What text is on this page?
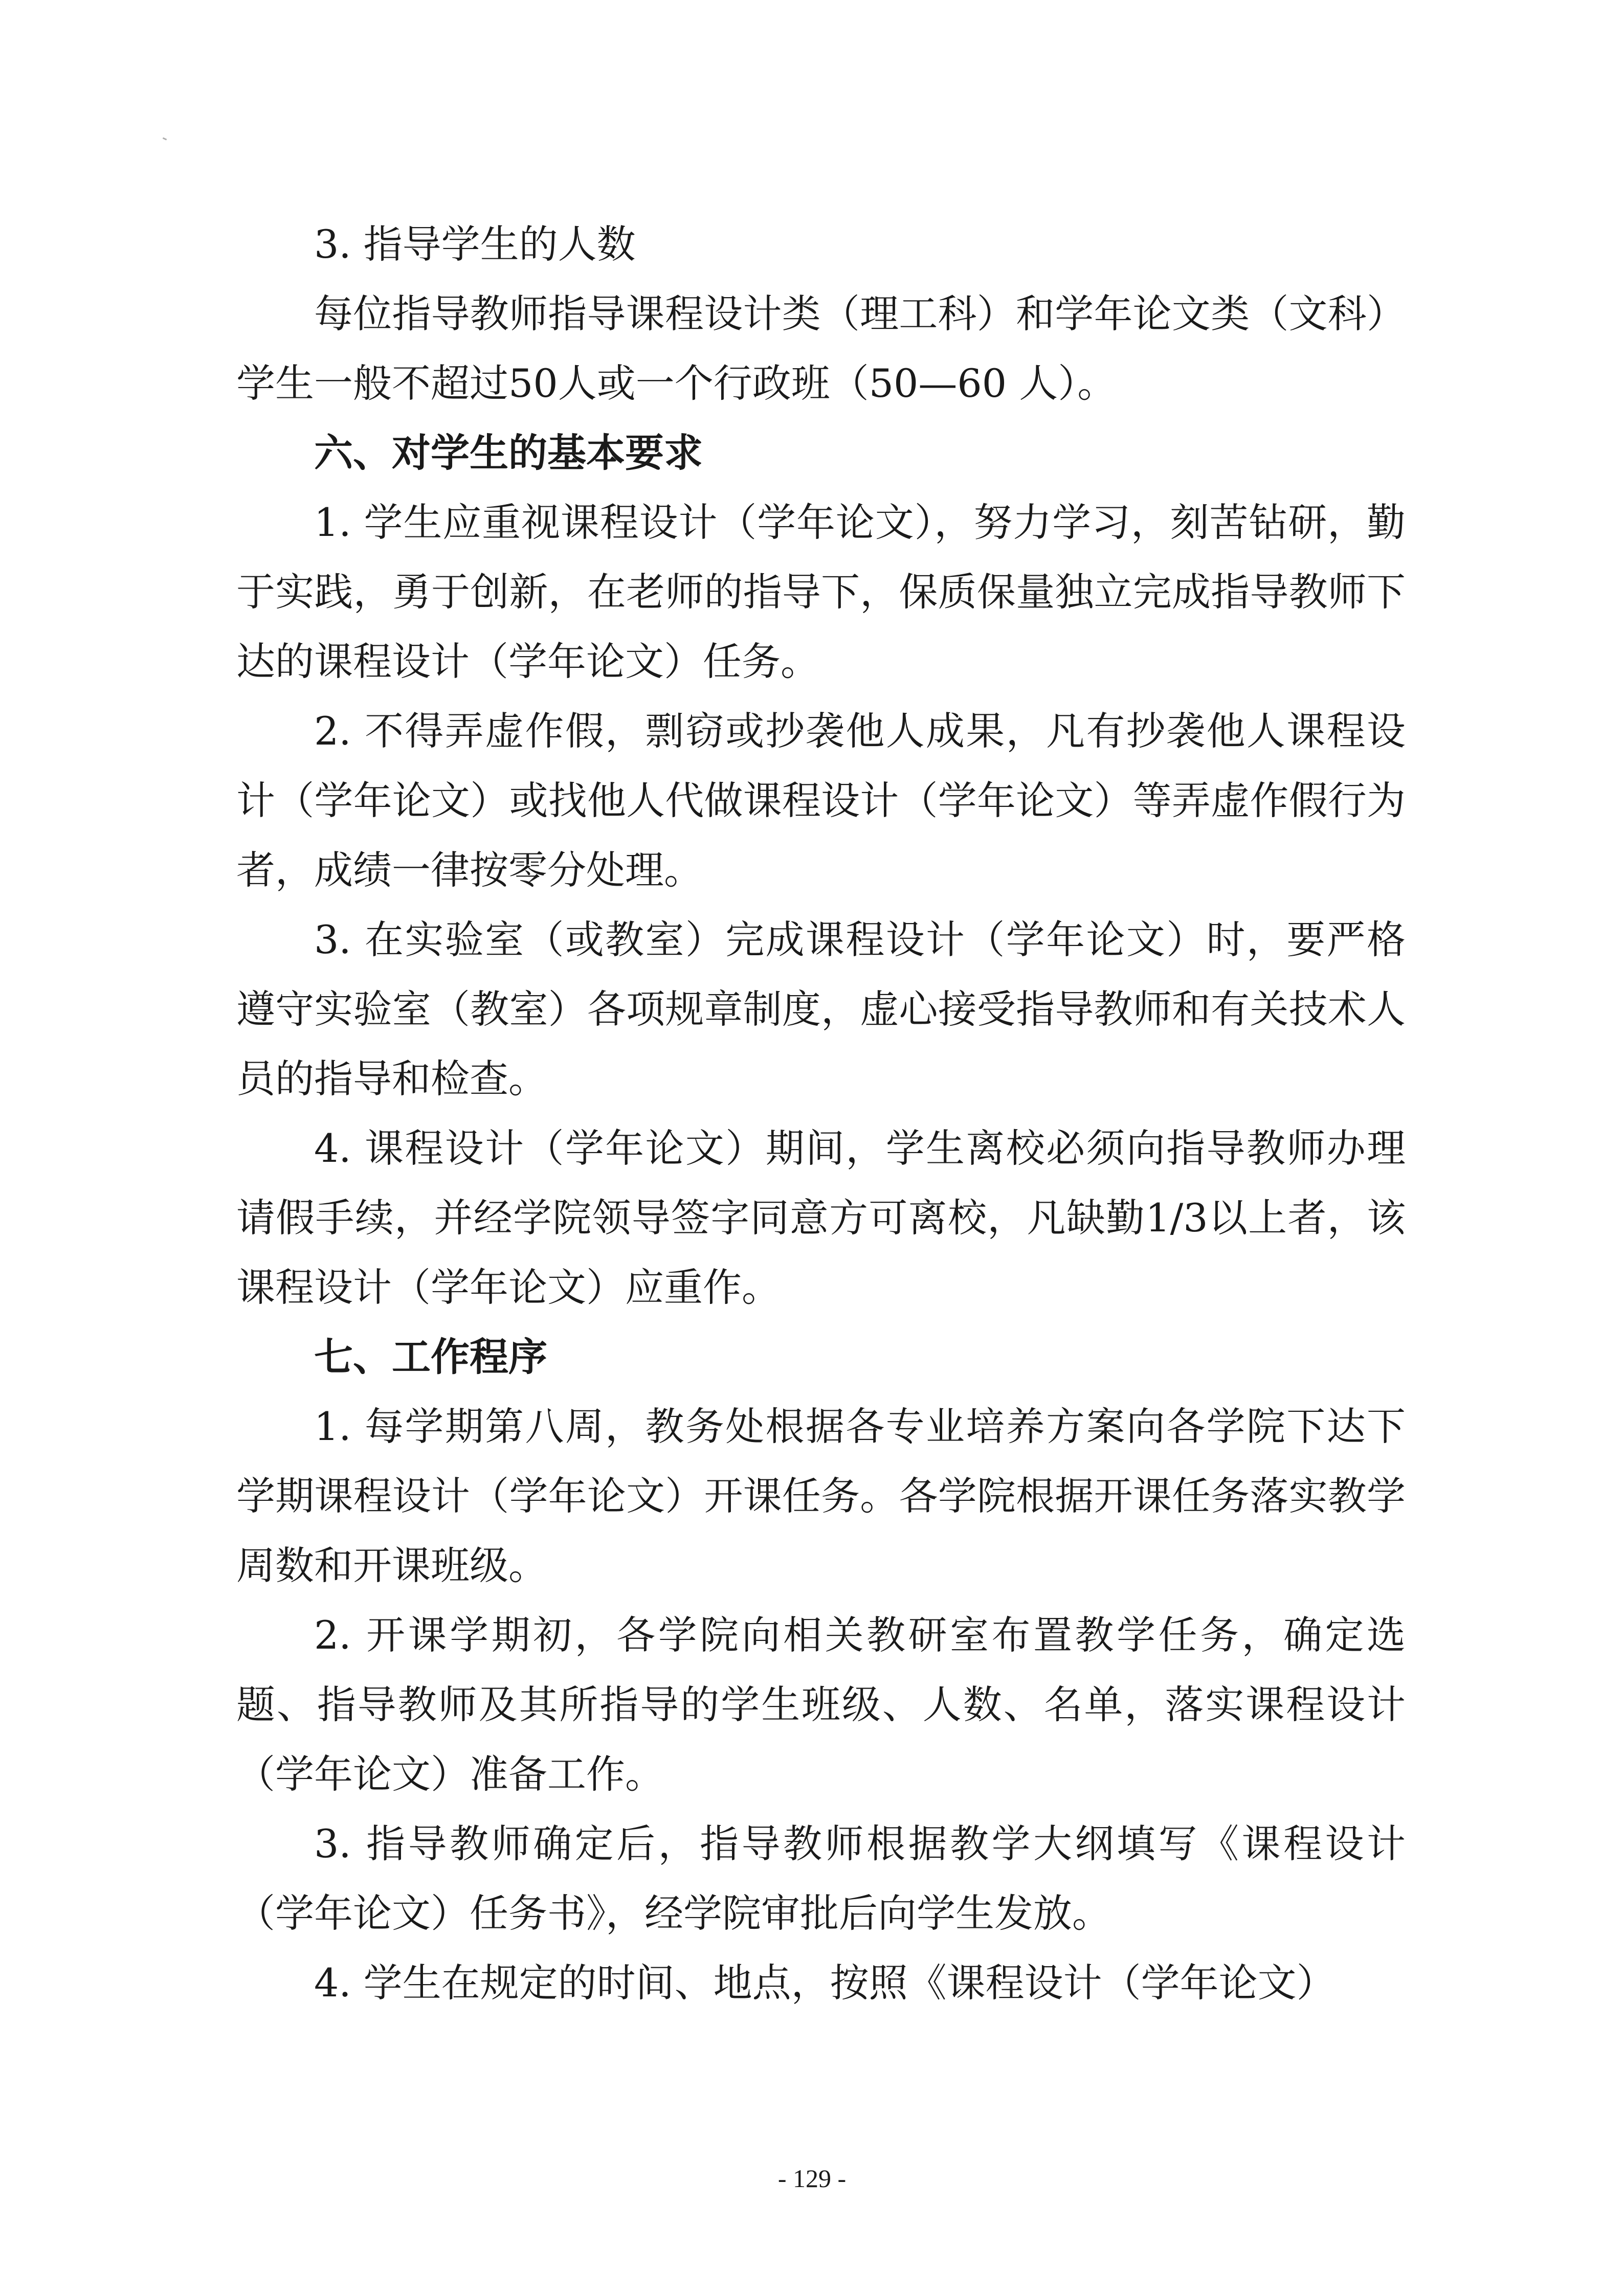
3. 指导学生的人数

每位指导教师指导课程设计类（理工科）和学年论文类（文科）学生一般不超过50人或一个行政班（50—60 人）。

六、对学生的基本要求

1. 学生应重视课程设计（学年论文），努力学习，刻苦钻研，勤于实践，勇于创新，在老师的指导下，保质保量独立完成指导教师下达的课程设计（学年论文）任务。

2. 不得弄虚作假，剽窃或抄袭他人成果，凡有抄袭他人课程设计（学年论文）或找他人代做课程设计（学年论文）等弄虚作假行为者，成绩一律按零分处理。

3. 在实验室（或教室）完成课程设计（学年论文）时，要严格遵守实验室（教室）各项规章制度，虚心接受指导教师和有关技术人员的指导和检查。

4. 课程设计（学年论文）期间，学生离校必须向指导教师办理请假手续，并经学院领导签字同意方可离校，凡缺勤1/3以上者，该课程设计（学年论文）应重作。

七、工作程序

1. 每学期第八周，教务处根据各专业培养方案向各学院下达下学期课程设计（学年论文）开课任务。各学院根据开课任务落实教学周数和开课班级。

2. 开课学期初，各学院向相关教研室布置教学任务，确定选题、指导教师及其所指导的学生班级、人数、名单，落实课程设计（学年论文）准备工作。

3. 指导教师确定后，指导教师根据教学大纲填写《课程设计（学年论文）任务书》，经学院审批后向学生发放。

4. 学生在规定的时间、地点，按照《课程设计（学年论文）

- 129 -
